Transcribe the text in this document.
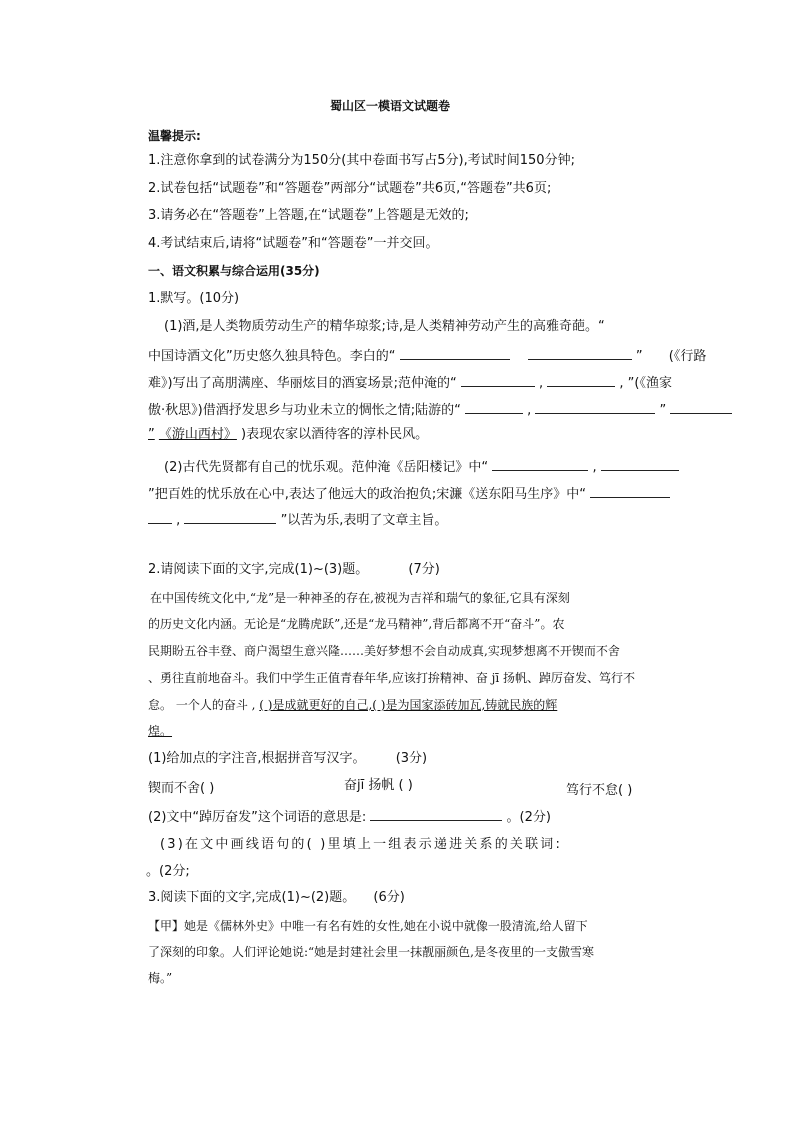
蜀山区一模语文试题卷
温馨提示:
1.注意你拿到的试卷满分为150分(其中卷面书写占5分),考试时间150分钟;
2.试卷包括“试题卷”和“答题卷”两部分“试题卷”共6页,“答题卷”共6页;
3.请务必在“答题卷”上答题,在“试题卷”上答题是无效的;
4.考试结束后,请将“试题卷”和“答题卷”一并交回。
一、语文积累与综合运用(35分)
1.默写。(10分)
(1)酒,是人类物质劳动生产的精华琼浆;诗,是人类精神劳动产生的高雅奇葩。“
中国诗酒文化”历史悠久独具特色。李白的“	” (《行路
难》)写出了高朋满座、华丽炫目的酒宴场景;范仲淹的“	,	, ”(《渔家
傲·秋思》)借酒抒发思乡与功业未立的惆怅之情;陆游的“	,	”
” 《游山西村》 )表现农家以酒待客的淳朴民风。
(2)古代先贤都有自己的忧乐观。范仲淹《岳阳楼记》中“	,
”把百姓的忧乐放在心中,表达了他远大的政治抱负;宋濂《送东阳马生序》中“
,	”以苦为乐,表明了文章主旨。
2.请阅读下面的文字,完成(1)~(3)题。	(7分)
在中国传统文化中,“龙”是一种神圣的存在,被视为吉祥和瑞气的象征,它具有深刻
的历史文化内涵。无论是“龙腾虎跃”,还是“龙马精神”,背后都离不开“奋斗”。农
民期盼五谷丰登、商户渴望生意兴隆……美好梦想不会自动成真,实现梦想离不开锲而不舍
、勇往直前地奋斗。我们中学生正值青春年华,应该打拚精神、奋 jī 扬帆、踔厉奋发、笃行不
怠。 一个人的奋斗 , ( )是成就更好的自己,( )是为国家添砖加瓦,铸就民族的辉
煌。
(1)给加点的字注音,根据拼音写汉字。 (3分)
锲而不舍( )	奋jī 扬帆 ( )	笃行不怠( )
(2)文中“踔厉奋发”这个词语的意思是:	。(2分)
(3)在文中画线语句的( )里填上一组表示递进关系的关联词:
。(2分;
3.阅读下面的文字,完成(1)~(2)题。 (6分)
【甲】她是《儒林外史》中唯一有名有姓的女性,她在小说中就像一股清流,给人留下
了深刻的印象。人们评论她说:“她是封建社会里一抹靓丽颜色,是冬夜里的一支傲雪寒
梅。”
